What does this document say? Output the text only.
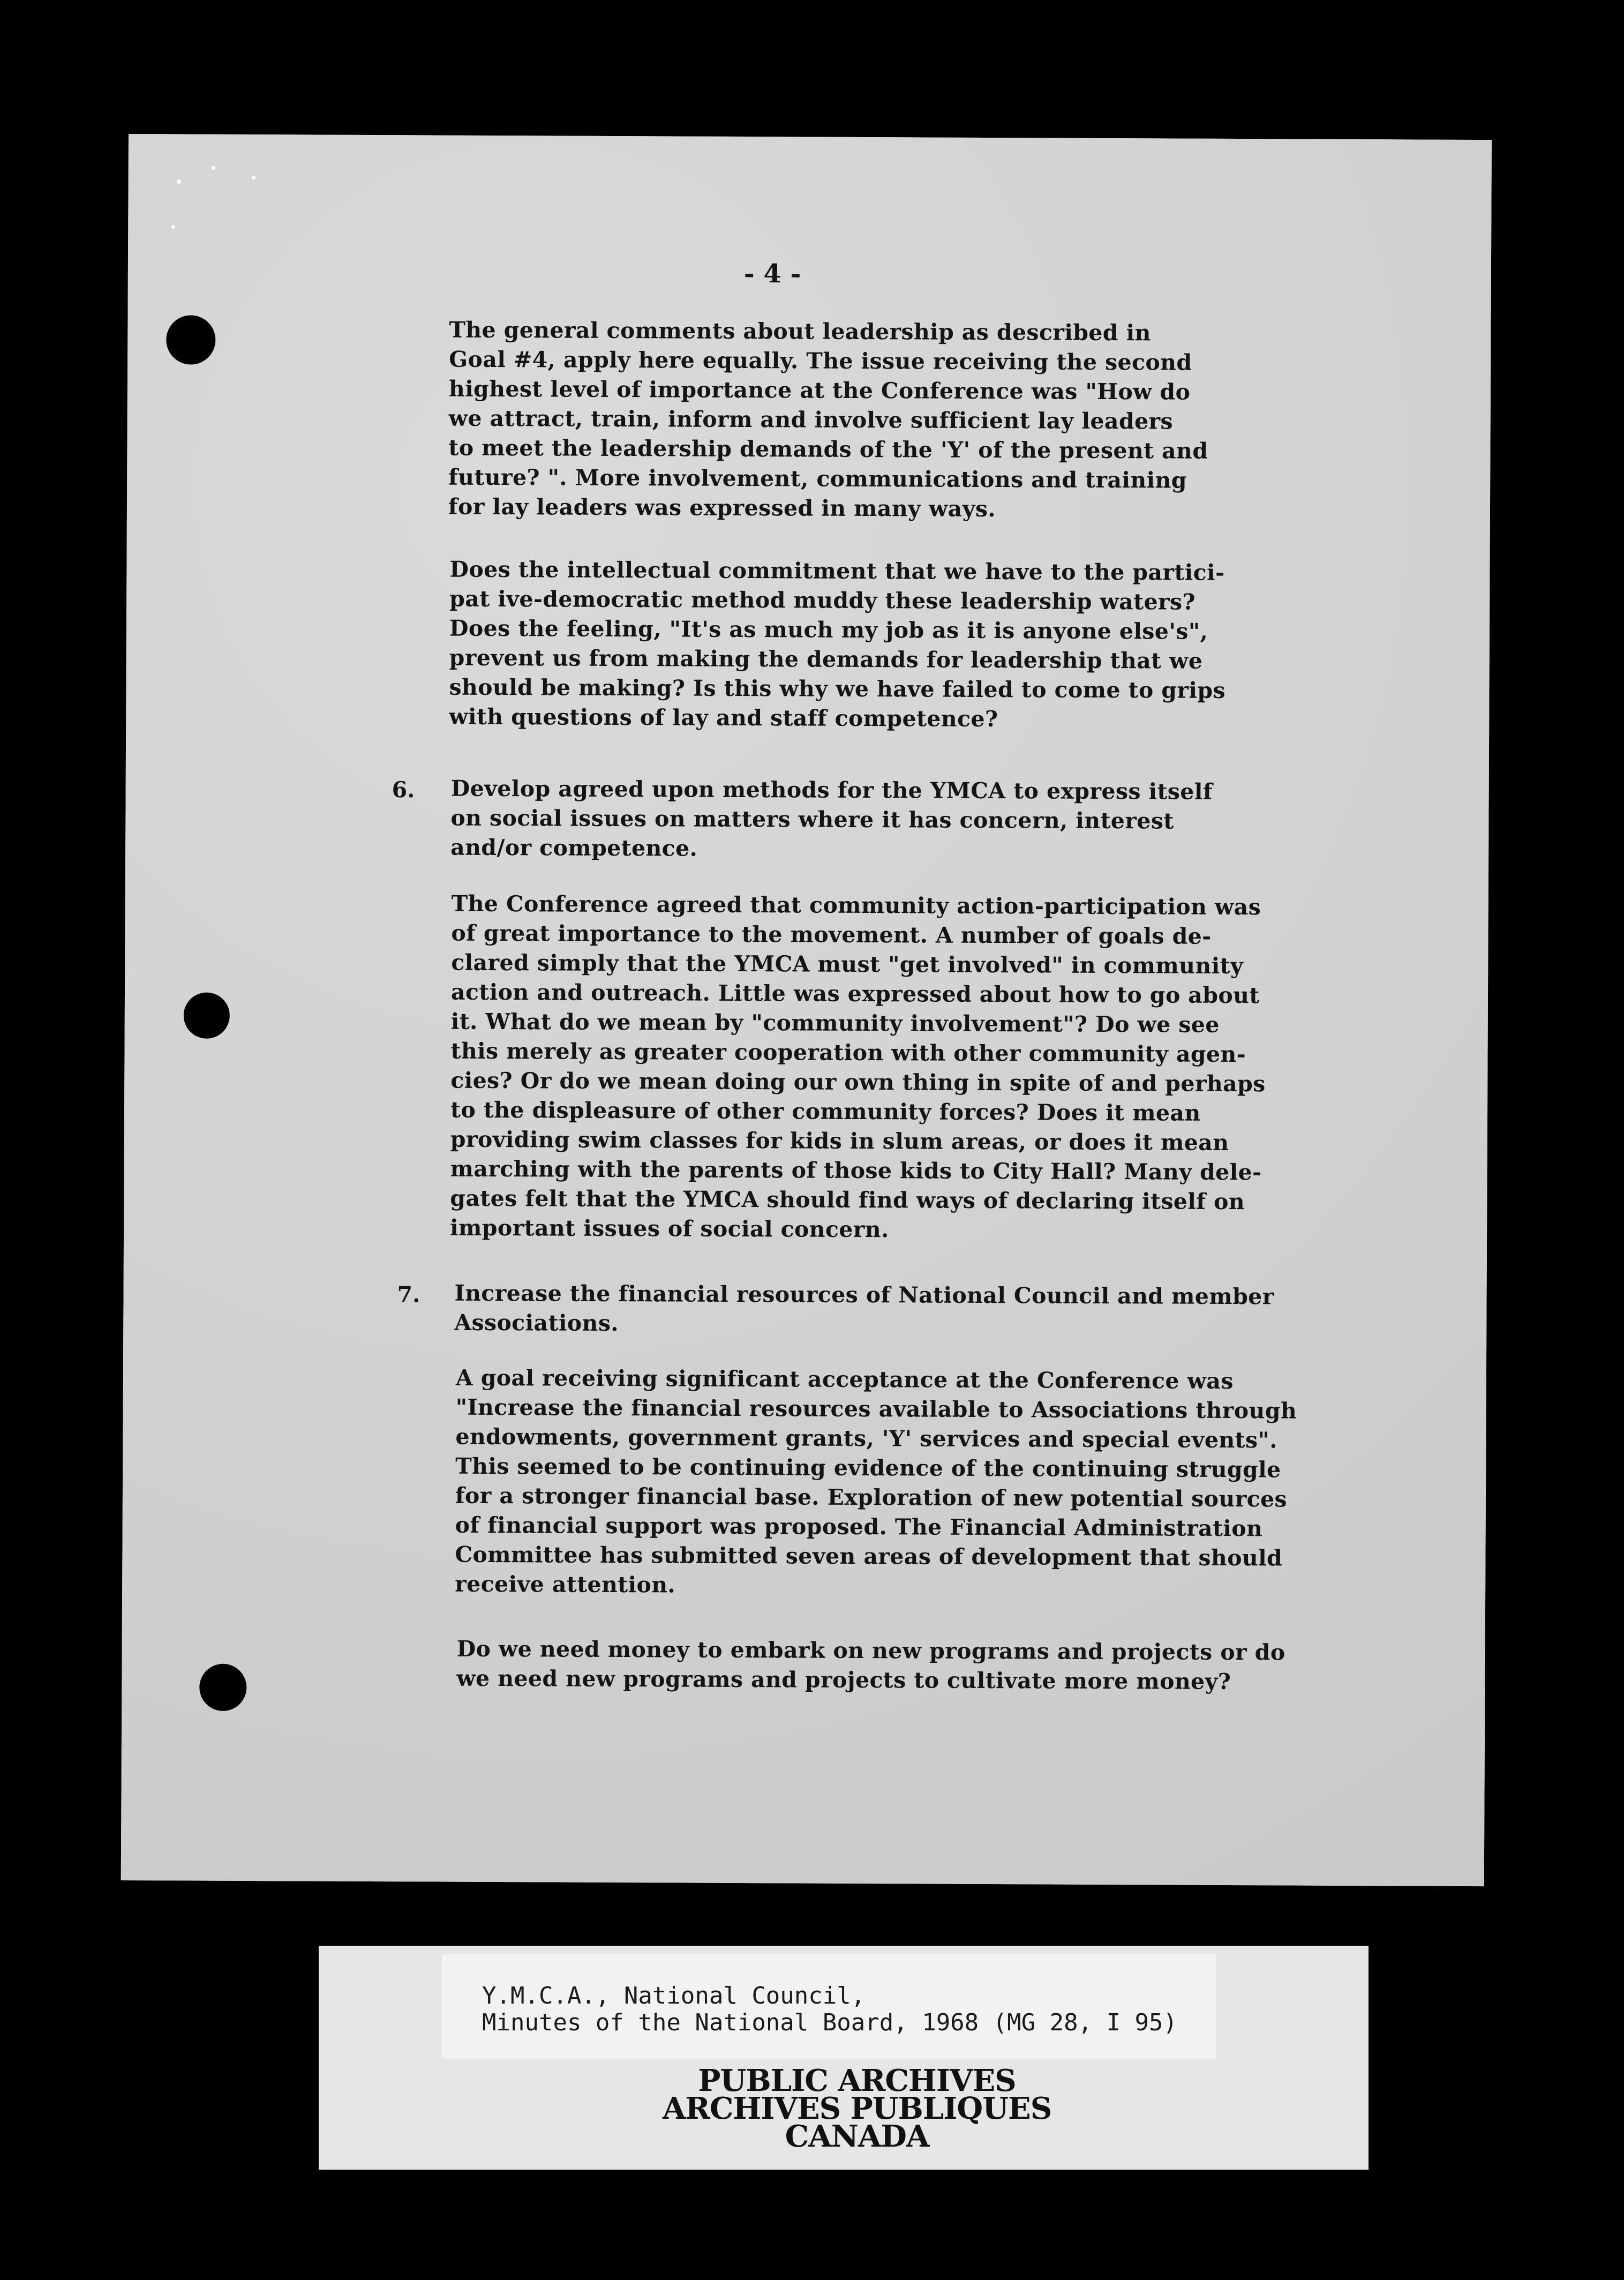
- 4 -
The general comments about leadership as described in
Goal #4, apply here equally. The issue receiving the second
highest level of importance at the Conference was "How do
we attract, train, inform and involve sufficient lay leaders
to meet the leadership demands of the 'Y' of the present and
future? ". More involvement, communications and training
for lay leaders was expressed in many ways.
Does the intellectual commitment that we have to the partici-
pat ive-democratic method muddy these leadership waters?
Does the feeling, "It's as much my job as it is anyone else's",
prevent us from making the demands for leadership that we
should be making? Is this why we have failed to come to grips
with questions of lay and staff competence?
6. Develop agreed upon methods for the YMCA to express itself
on social issues on matters where it has concern, interest
and/or competence.
The Conference agreed that community action-participation was
of great importance to the movement. A number of goals de-
clared simply that the YMCA must "get involved" in community
action and outreach. Little was expressed about how to go about
it. What do we mean by "community involvement"? Do we see
this merely as greater cooperation with other community agen-
cies? Or do we mean doing our own thing in spite of and perhaps
to the displeasure of other community forces? Does it mean
providing swim classes for kids in slum areas, or does it mean
marching with the parents of those kids to City Hall? Many dele-
gates felt that the YMCA should find ways of declaring itself on
important issues of social concern.
7. Increase the financial resources of National Council and member
Associations.
A goal receiving significant acceptance at the Conference was
"Increase the financial resources available to Associations through
endowments, government grants, 'Y' services and special events".
This seemed to be continuing evidence of the continuing struggle
for a stronger financial base. Exploration of new potential sources
of financial support was proposed. The Financial Administration
Committee has submitted seven areas of development that should
receive attention.
Do we need money to embark on new programs and projects or do
we need new programs and projects to cultivate more money?
Y.M.C.A., National Council,
Minutes of the National Board, 1968 (MG 28, I 95)
PUBLIC ARCHIVES
ARCHIVES PUBLIQUES
CANADA
